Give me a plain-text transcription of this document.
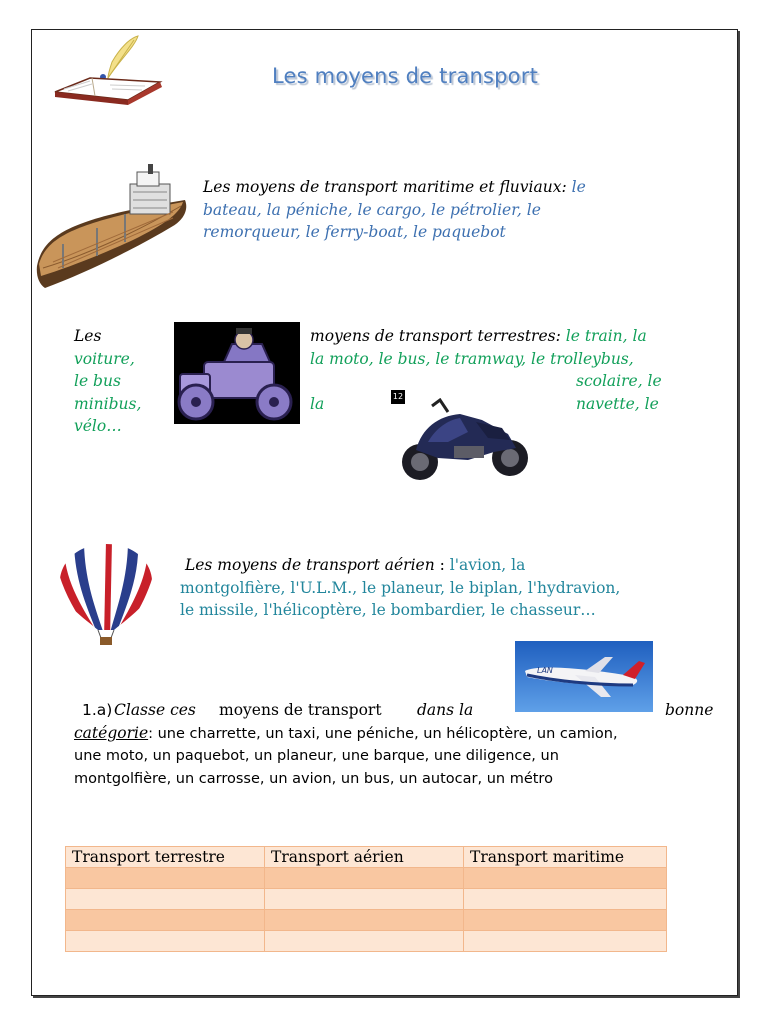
Les moyens de transport
Les moyens de transport maritime et fluviaux: le
bateau, la péniche, le cargo, le pétrolier, le
remorqueur, le ferry-boat, le paquebot
Les
voiture,
le bus
minibus,
vélo…
moyens de transport terrestres: le train, la
la moto, le bus, le tramway, le trolleybus,
scolaire, le
la	navette, le
12
Les moyens de transport aérien : l'avion, la
montgolfière, l'U.L.M., le planeur, le biplan, l'hydravion,
le missile, l'hélicoptère, le bombardier, le chasseur…
LAN
1.a) Classe ces moyens de transport dans la	bonne
catégorie: une charrette, un taxi, une péniche, un hélicoptère, un camion,
une moto, un paquebot, un planeur, une barque, une diligence, un
montgolfière, un carrosse, un avion, un bus, un autocar, un métro
Transport terrestre	Transport aérien	Transport maritime
